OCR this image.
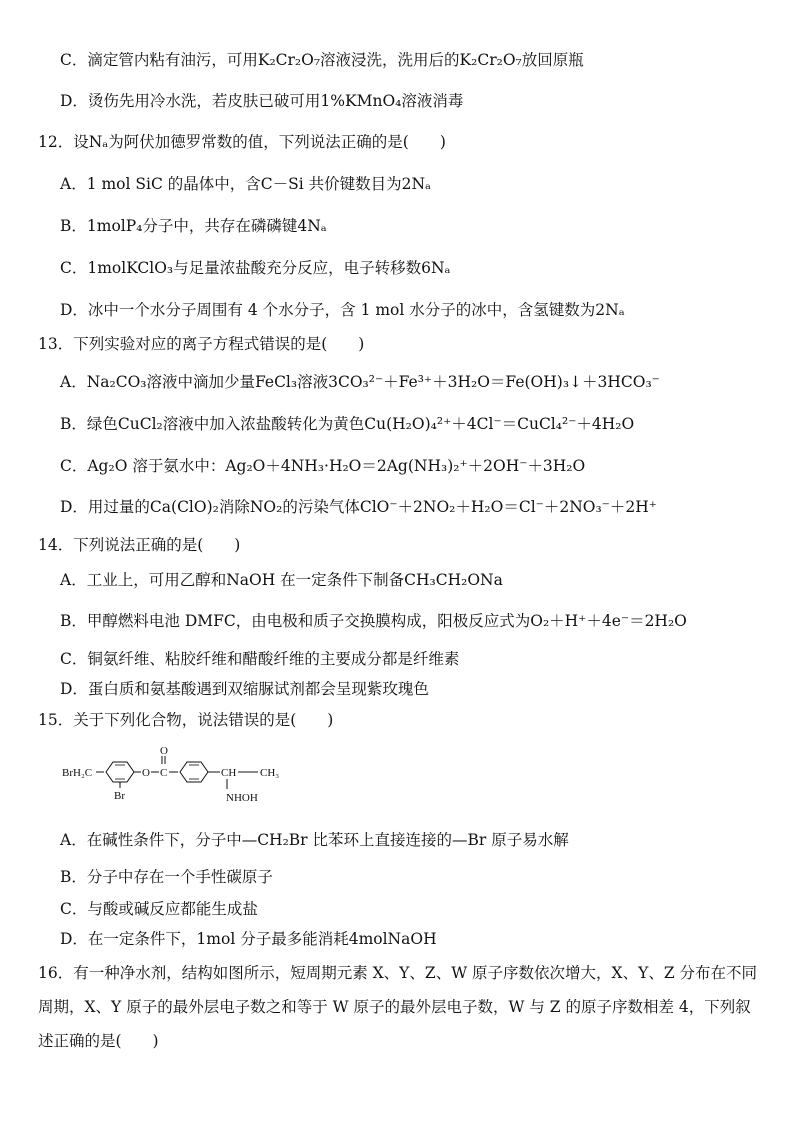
C．滴定管内粘有油污，可用K₂Cr₂O₇溶液浸洗，洗用后的K₂Cr₂O₇放回原瓶
D．烫伤先用冷水洗，若皮肤已破可用1%KMnO₄溶液消毒
12．设Nₐ为阿伏加德罗常数的值，下列说法正确的是(　　)
A．1 mol SiC 的晶体中，含C－Si 共价键数目为2Nₐ
B．1molP₄分子中，共存在磷磷键4Nₐ
C．1molKClO₃与足量浓盐酸充分反应，电子转移数6Nₐ
D．冰中一个水分子周围有 4 个水分子，含 1 mol 水分子的冰中，含氢键数为2Nₐ
13．下列实验对应的离子方程式错误的是(　　)
A．Na₂CO₃溶液中滴加少量FeCl₃溶液3CO₃²⁻＋Fe³⁺＋3H₂O＝Fe(OH)₃↓＋3HCO₃⁻
B．绿色CuCl₂溶液中加入浓盐酸转化为黄色Cu(H₂O)₄²⁺＋4Cl⁻＝CuCl₄²⁻＋4H₂O
C．Ag₂O 溶于氨水中：Ag₂O＋4NH₃·H₂O＝2Ag(NH₃)₂⁺＋2OH⁻＋3H₂O
D．用过量的Ca(ClO)₂消除NO₂的污染气体ClO⁻＋2NO₂＋H₂O＝Cl⁻＋2NO₃⁻＋2H⁺
14．下列说法正确的是(　　)
A．工业上，可用乙醇和NaOH 在一定条件下制备CH₃CH₂ONa
B．甲醇燃料电池 DMFC，由电极和质子交换膜构成，阳极反应式为O₂＋H⁺＋4e⁻＝2H₂O
C．铜氨纤维、粘胶纤维和醋酸纤维的主要成分都是纤维素
D．蛋白质和氨基酸遇到双缩脲试剂都会呈现紫玫瑰色
15．关于下列化合物，说法错误的是(　　)
BrH₂C
Br
O C
O
CH CH₃
NHOH
A．在碱性条件下，分子中—CH₂Br 比苯环上直接连接的—Br 原子易水解
B．分子中存在一个手性碳原子
C．与酸或碱反应都能生成盐
D．在一定条件下，1mol 分子最多能消耗4molNaOH
16．有一种净水剂，结构如图所示，短周期元素 X、Y、Z、W 原子序数依次增大，X、Y、Z 分布在不同周期，X、Y 原子的最外层电子数之和等于 W 原子的最外层电子数，W 与 Z 的原子序数相差 4，下列叙述正确的是(　　)
